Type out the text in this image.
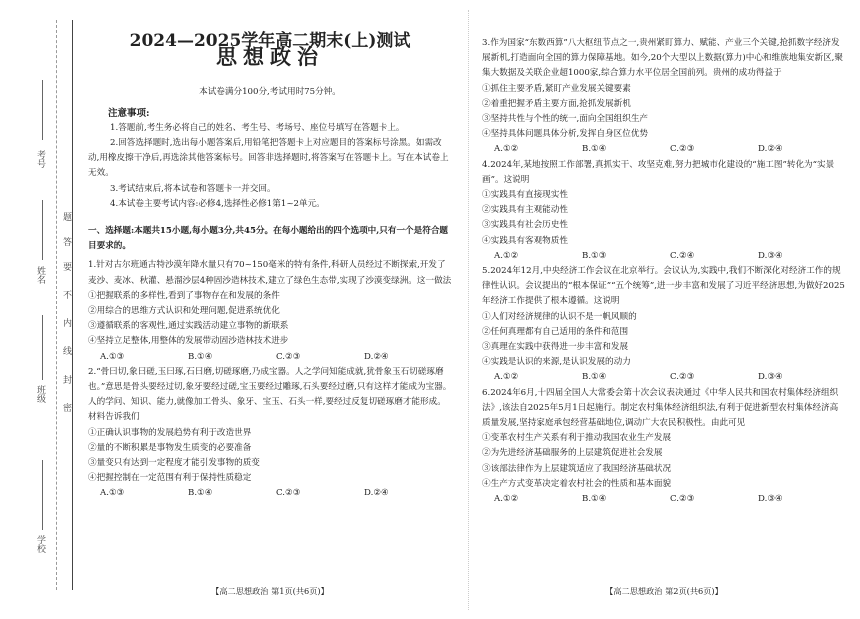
考号
姓名
班级
学校
题
答
要
不
内
线
封
密
2024—2025学年高二期末(上)测试
思想政治
本试卷满分100分,考试用时75分钟。
注意事项:

1.答题前,考生务必将自己的姓名、考生号、考场号、座位号填写在答题卡上。

2.回答选择题时,选出每小题答案后,用铅笔把答题卡上对应题目的答案标号涂黑。如需改动,用橡皮擦干净后,再选涂其他答案标号。回答非选择题时,将答案写在答题卡上。写在本试卷上无效。

3.考试结束后,将本试卷和答题卡一并交回。

4.本试卷主要考试内容:必修4,选择性必修1第1~2单元。

一、选择题:本题共15小题,每小题3分,共45分。在每小题给出的四个选项中,只有一个是符合题目要求的。

1.针对古尔班通古特沙漠年降水量只有70~150毫米的特有条件,科研人员经过不断探索,开发了麦沙、麦冰、秋灌、悬溜沙层4种固沙造林技术,建立了绿色生态带,实现了沙漠变绿洲。这一做法

①把握联系的多样性,看到了事物存在和发展的条件

②用综合的思维方式认识和处理问题,促进系统优化

③遵循联系的客观性,通过实践活动建立事物的新联系

④坚持立足整体,用整体的发展带动固沙造林技术进步

A.①③	B.①④	C.②③	D.②④

2.“骨曰切,象曰磋,玉曰琢,石曰磨,切磋琢磨,乃成宝器。人之学问知能成就,犹骨象玉石切磋琢磨也。”意思是骨头要经过切,象牙要经过磋,宝玉要经过雕琢,石头要经过磨,只有这样才能成为宝器。人的学问、知识、能力,就像加工骨头、象牙、宝玉、石头一样,要经过反复切磋琢磨才能形成。材料告诉我们

①正确认识事物的发展趋势有利于改造世界

②量的不断积累是事物发生质变的必要准备

③量变只有达到一定程度才能引发事物的质变

④把握控制在一定范围有利于保持性质稳定

A.①③	B.①④	C.②③	D.②④

3.作为国家“东数西算”八大枢纽节点之一,贵州紧盯算力、赋能、产业三个关键,抢抓数字经济发展新机,打造面向全国的算力保障基地。如今,20个大型以上数据(算力)中心和维族地集安新区,聚集大数据及关联企业超1000家,综合算力水平位居全国前列。贵州的成功得益于

①抓住主要矛盾,紧盯产业发展关键要素

②着重把握矛盾主要方面,抢抓发展新机

③坚持共性与个性的统一,面向全国组织生产

④坚持具体问题具体分析,发挥自身区位优势

A.①②	B.①④	C.②③	D.②④

4.2024年,某地按照工作部署,真抓实干、攻坚克难,努力把城市化建设的“施工图”转化为“实景画”。这说明

①实践具有直接现实性

②实践具有主观能动性

③实践具有社会历史性

④实践具有客观物质性

A.①②	B.①③	C.②④	D.③④

5.2024年12月,中央经济工作会议在北京举行。会议认为,实践中,我们不断深化对经济工作的规律性认识。会议提出的“根本保证”“五个统筹”,进一步丰富和发展了习近平经济思想,为做好2025年经济工作提供了根本遵循。这说明

①人们对经济规律的认识不是一帆风顺的

②任何真理都有自己适用的条件和范围

③真理在实践中获得进一步丰富和发展

④实践是认识的来源,是认识发展的动力

A.①②	B.①④	C.②③	D.③④

6.2024年6月,十四届全国人大常委会第十次会议表决通过《中华人民共和国农村集体经济组织法》,该法自2025年5月1日起施行。制定农村集体经济组织法,有利于促进新型农村集体经济高质量发展,坚持家庭承包经营基础地位,调动广大农民积极性。由此可见

①变革农村生产关系有利于推动我国农业生产发展

②为先进经济基础服务的上层建筑促进社会发展

③该部法律作为上层建筑适应了我国经济基础状况

④生产方式变革决定着农村社会的性质和基本面貌

A.①②	B.①④	C.②③	D.③④
【高二思想政治 第1页(共6页)】	【高二思想政治 第2页(共6页)】
